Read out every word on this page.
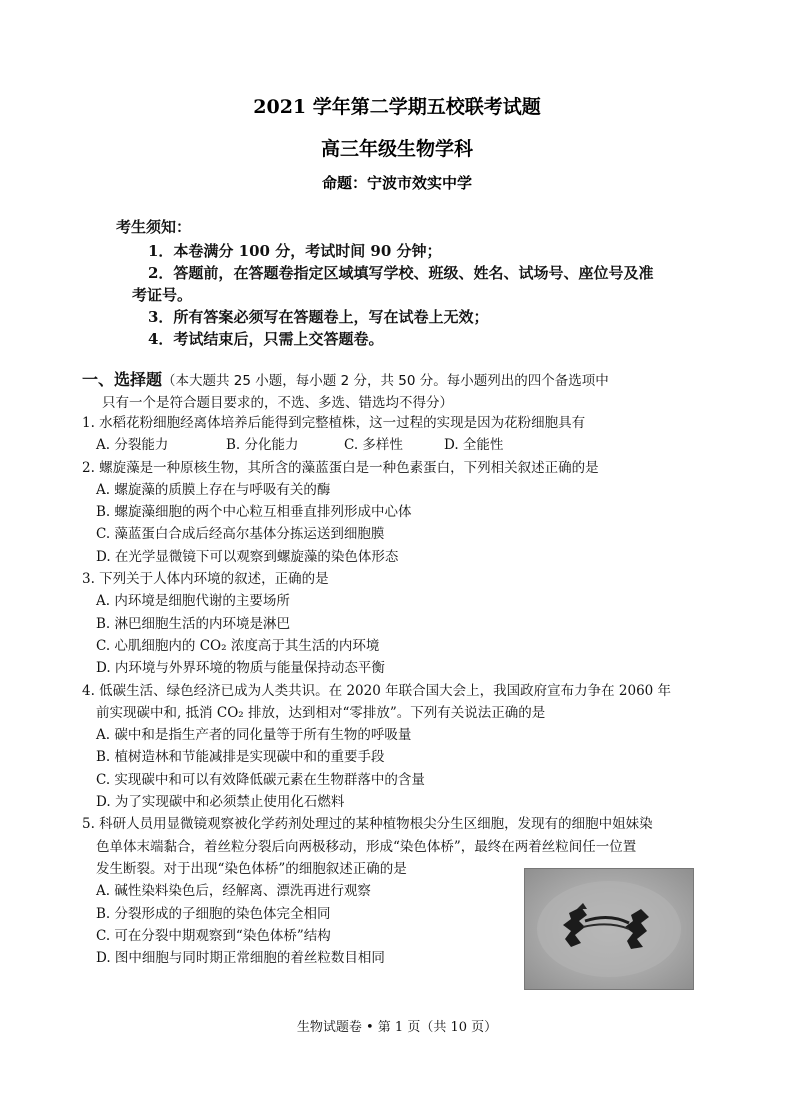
2021 学年第二学期五校联考试题
高三年级生物学科
命题：宁波市效实中学
考生须知：
1．本卷满分 100 分，考试时间 90 分钟；
2．答题前，在答题卷指定区域填写学校、班级、姓名、试场号、座位号及准
考证号。
3．所有答案必须写在答题卷上，写在试卷上无效；
4．考试结束后，只需上交答题卷。
一、选择题（本大题共 25 小题，每小题 2 分，共 50 分。每小题列出的四个备选项中
只有一个是符合题目要求的，不选、多选、错选均不得分）
1. 水稻花粉细胞经离体培养后能得到完整植株，这一过程的实现是因为花粉细胞具有
A. 分裂能力	B. 分化能力	C. 多样性	D. 全能性
2. 螺旋藻是一种原核生物，其所含的藻蓝蛋白是一种色素蛋白，下列相关叙述正确的是
A. 螺旋藻的质膜上存在与呼吸有关的酶
B. 螺旋藻细胞的两个中心粒互相垂直排列形成中心体
C. 藻蓝蛋白合成后经高尔基体分拣运送到细胞膜
D. 在光学显微镜下可以观察到螺旋藻的染色体形态
3. 下列关于人体内环境的叙述，正确的是
A. 内环境是细胞代谢的主要场所
B. 淋巴细胞生活的内环境是淋巴
C. 心肌细胞内的 CO₂ 浓度高于其生活的内环境
D. 内环境与外界环境的物质与能量保持动态平衡
4. 低碳生活、绿色经济已成为人类共识。在 2020 年联合国大会上，我国政府宣布力争在 2060 年
前实现碳中和, 抵消 CO₂ 排放，达到相对“零排放”。下列有关说法正确的是
A. 碳中和是指生产者的同化量等于所有生物的呼吸量
B. 植树造林和节能减排是实现碳中和的重要手段
C. 实现碳中和可以有效降低碳元素在生物群落中的含量
D. 为了实现碳中和必须禁止使用化石燃料
5. 科研人员用显微镜观察被化学药剂处理过的某种植物根尖分生区细胞，发现有的细胞中姐妹染
色单体末端黏合，着丝粒分裂后向两极移动，形成“染色体桥”，最终在两着丝粒间任一位置
发生断裂。对于出现“染色体桥”的细胞叙述正确的是
A. 碱性染料染色后，经解离、漂洗再进行观察
B. 分裂形成的子细胞的染色体完全相同
C. 可在分裂中期观察到“染色体桥”结构
D. 图中细胞与同时期正常细胞的着丝粒数目相同
生物试题卷 • 第 1 页（共 10 页）
